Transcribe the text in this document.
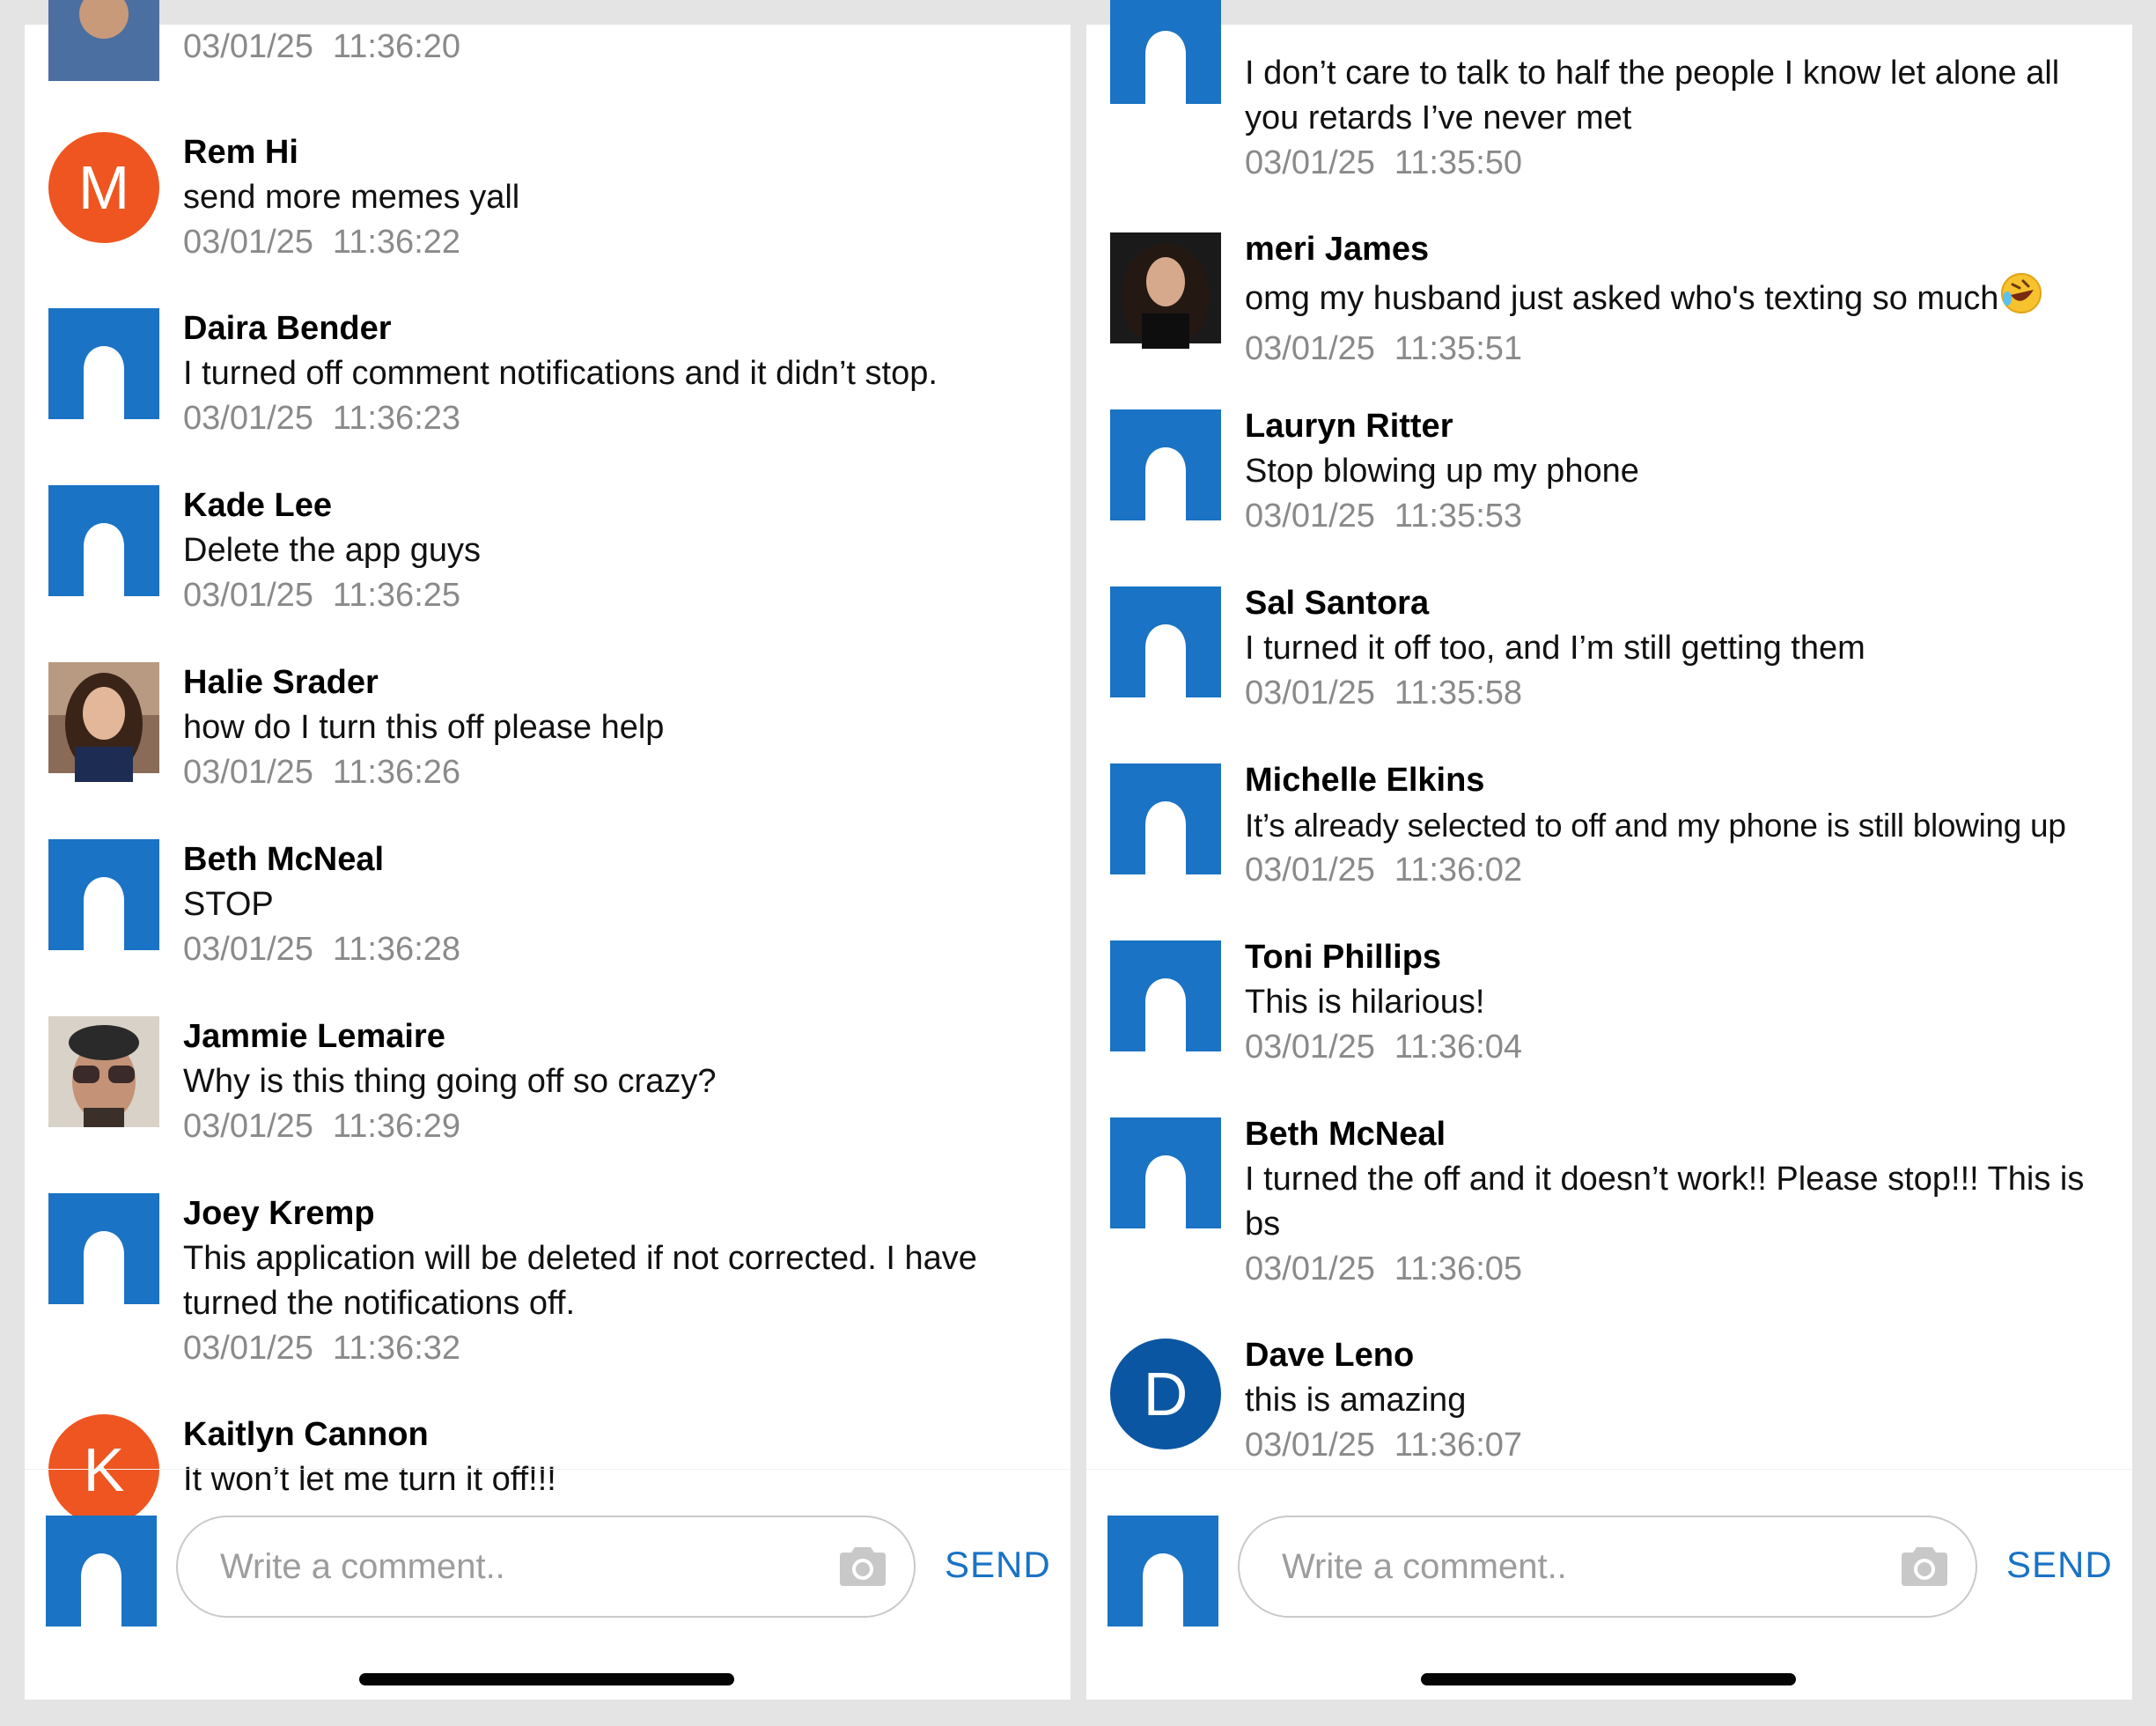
03/01/25 11:36:20
M
Rem Hi
send more memes yall
03/01/25 11:36:22
Daira Bender
I turned off comment notifications and it didn’t stop.
03/01/25 11:36:23
Kade Lee
Delete the app guys
03/01/25 11:36:25
Halie Srader
how do I turn this off please help
03/01/25 11:36:26
Beth McNeal
STOP
03/01/25 11:36:28
Jammie Lemaire
Why is this thing going off so crazy?
03/01/25 11:36:29
Joey Kremp
This application will be deleted if not corrected. I have turned the notifications off.
03/01/25 11:36:32
K
Kaitlyn Cannon
It won’t let me turn it off!!!
Write a comment..	SEND
I don’t care to talk to half the people I know let alone all you retards I’ve never met
03/01/25 11:35:50
meri James
omg my husband just asked who's texting so much
03/01/25 11:35:51
Lauryn Ritter
Stop blowing up my phone
03/01/25 11:35:53
Sal Santora
I turned it off too, and I’m still getting them
03/01/25 11:35:58
Michelle Elkins
It’s already selected to off and my phone is still blowing up
03/01/25 11:36:02
Toni Phillips
This is hilarious!
03/01/25 11:36:04
Beth McNeal
I turned the off and it doesn’t work!! Please stop!!! This is bs
03/01/25 11:36:05
D
Dave Leno
this is amazing
03/01/25 11:36:07
Write a comment..	SEND
